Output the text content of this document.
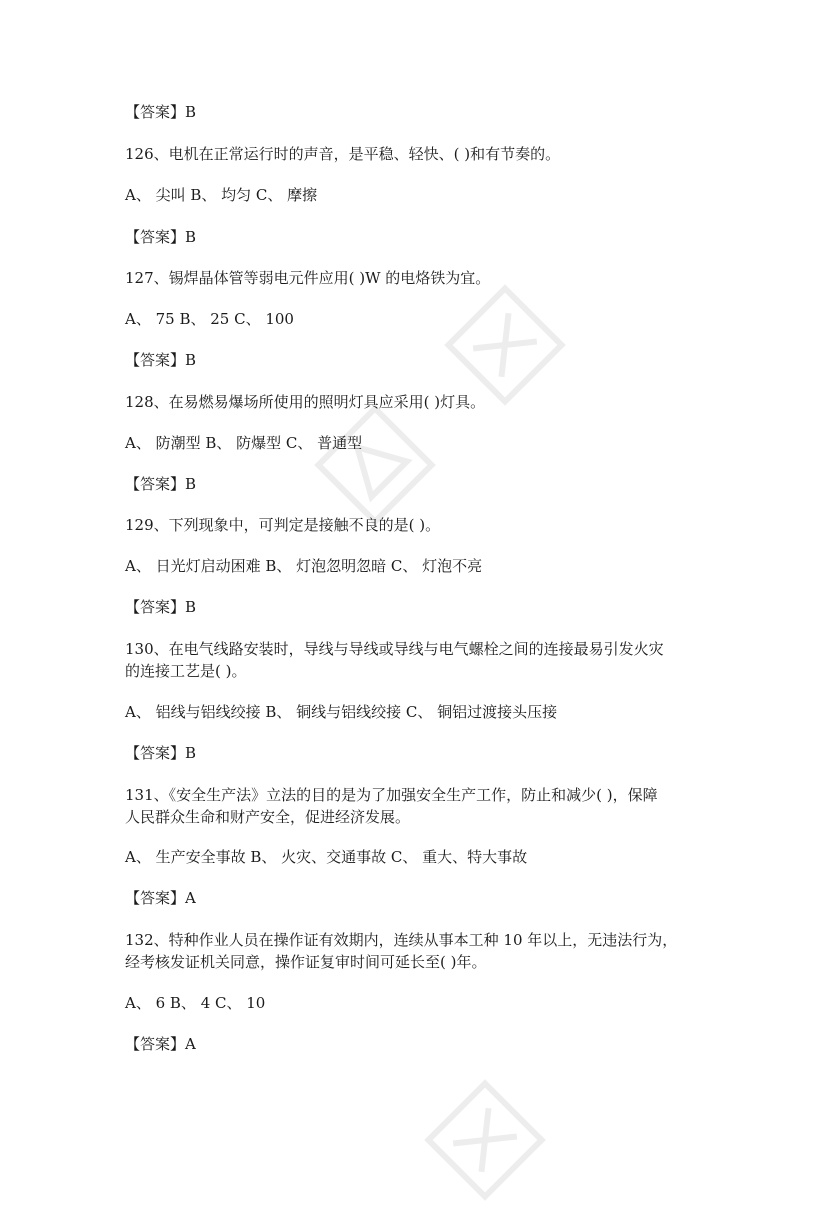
【答案】B
126、电机在正常运行时的声音，是平稳、轻快、( )和有节奏的。
A、 尖叫 B、 均匀 C、 摩擦
【答案】B
127、锡焊晶体管等弱电元件应用( )W 的电烙铁为宜。
A、 75 B、 25 C、 100
【答案】B
128、在易燃易爆场所使用的照明灯具应采用( )灯具。
A、 防潮型 B、 防爆型 C、 普通型
【答案】B
129、下列现象中，可判定是接触不良的是( )。
A、 日光灯启动困难 B、 灯泡忽明忽暗 C、 灯泡不亮
【答案】B
130、在电气线路安装时，导线与导线或导线与电气螺栓之间的连接最易引发火灾
的连接工艺是( )。
A、 铝线与铝线绞接 B、 铜线与铝线绞接 C、 铜铝过渡接头压接
【答案】B
131、《安全生产法》立法的目的是为了加强安全生产工作，防止和减少( )，保障
人民群众生命和财产安全，促进经济发展。
A、 生产安全事故 B、 火灾、交通事故 C、 重大、特大事故
【答案】A
132、特种作业人员在操作证有效期内，连续从事本工种 10 年以上，无违法行为，
经考核发证机关同意，操作证复审时间可延长至( )年。
A、 6 B、 4 C、 10
【答案】A
